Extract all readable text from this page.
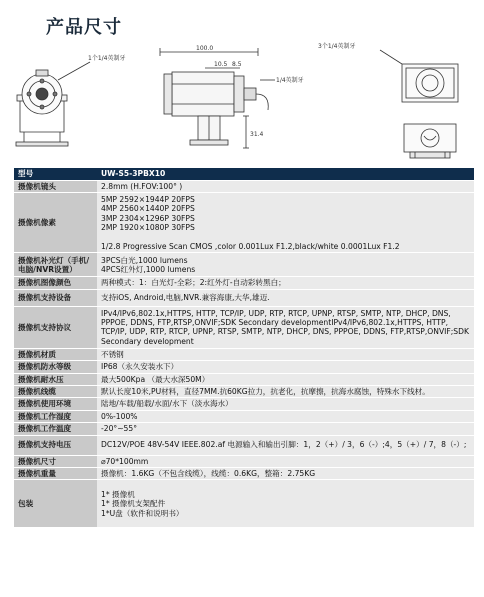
产品尺寸
1个1/4英制牙
3个1/4英制牙
100.0
10.5 8.5
31.4
1/4英制牙
型号	UW-S5-3PBX10
摄像机镜头	2.8mm (H.FOV:100° )

摄像机像素	5MP 2592×1944P 20FPS
4MP 2560×1440P 20FPS
3MP 2304×1296P 30FPS
2MP 1920×1080P 30FPS
1/2.8 Progressive Scan CMOS ,color 0.001Lux F1.2,black/white 0.0001Lux F1.2

摄像机补光灯（手机/电脑/NVR设置）	3PCS白光,1000 lumens
4PCS红外灯,1000 lumens

摄像机图像颜色	两种模式：1：白光灯-全彩；2:红外灯-自动彩转黑白；

摄像机支持设备	支持iOS, Android,电脑,NVR.兼容海康,大华,雄迈.

摄像机支持协议	IPv4/IPv6,802.1x,HTTPS, HTTP, TCP/IP, UDP, RTP, RTCP, UPNP, RTSP, SMTP, NTP, DHCP, DNS, PPPOE, DDNS, FTP,RTSP,ONVIF;SDK Secondary developmentIPv4/IPv6,802.1x,HTTPS, HTTP, TCP/IP, UDP, RTP, RTCP, UPNP, RTSP, SMTP, NTP, DHCP, DNS, PPPOE, DDNS, FTP,RTSP,ONVIF;SDK Secondary development

摄像机材质	不锈钢

摄像机防水等级	IP68（永久安装水下）

摄像机耐水压	最大500Kpa （最大水深50M）

摄像机线缆	默认长度10米,PU材料，直径7MM.抗60KG拉力，抗老化，抗摩擦，抗海水腐蚀，特殊水下线材。

摄像机使用环境	陆地/车载/船载/水面/水下（淡水海水）

摄像机工作湿度	0%-100%

摄像机工作温度	-20°~55°

摄像机支持电压	DC12V/POE 48V-54V IEEE.802.af 电源输入和输出引脚：1，2（+）/ 3，6（-）;4，5（+）/ 7，8（-）;

摄像机尺寸	⌀70*100mm

摄像机重量	摄像机：1.6KG（不包含线缆），线缆：0.6KG，整箱：2.75KG

包装	1* 摄像机
1* 摄像机支架配件
1*U盘（软件和说明书）
